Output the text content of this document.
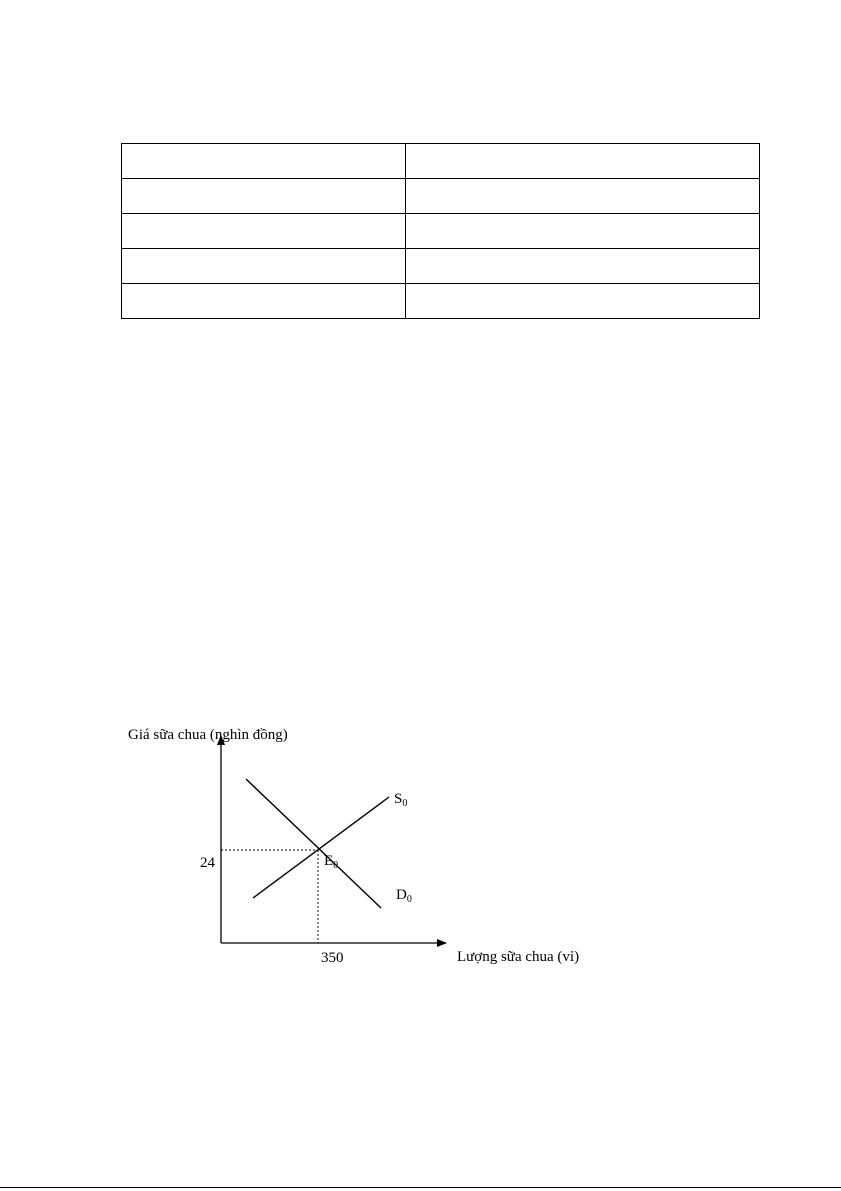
Giá sữa chua (nghìn đồng)
24
350
$S_0$
$D_0$
$E_0$
Lượng sữa chua (vỉ)
